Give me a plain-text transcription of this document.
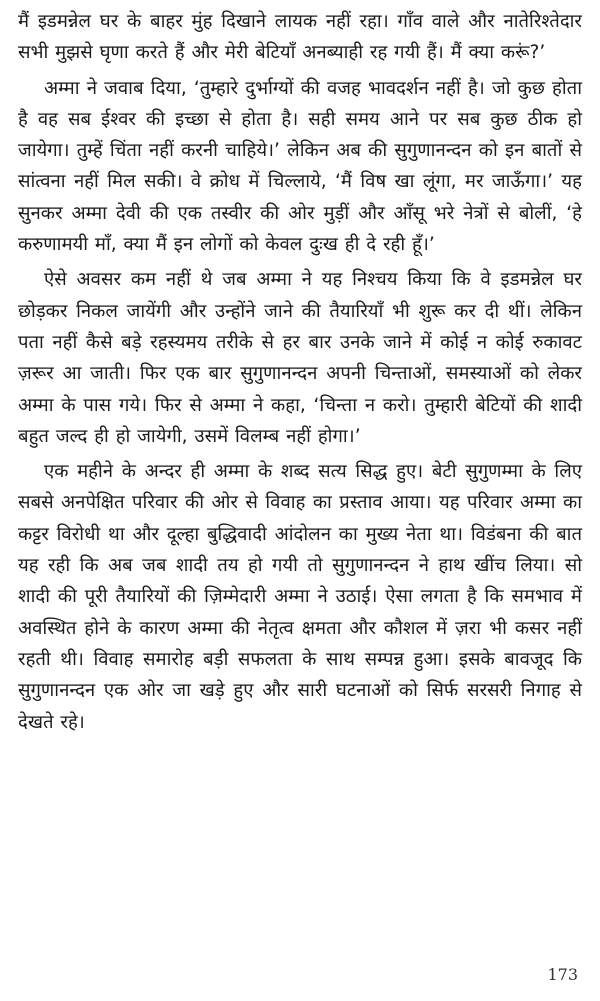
मैं इडमन्नेल घर के बाहर मुंह दिखाने लायक नहीं रहा। गाँव वाले और नातेरिश्तेदार सभी मुझसे घृणा करते हैं और मेरी बेटियाँ अनब्याही रह गयी हैं। मैं क्या करूं?’

अम्मा ने जवाब दिया, ‘तुम्हारे दुर्भाग्यों की वजह भावदर्शन नहीं है। जो कुछ होता है वह सब ईश्वर की इच्छा से होता है। सही समय आने पर सब कुछ ठीक हो जायेगा। तुम्हें चिंता नहीं करनी चाहिये।’ लेकिन अब की सुगुणानन्दन को इन बातों से सांत्वना नहीं मिल सकी। वे क्रोध में चिल्लाये, ‘मैं विष खा लूंगा, मर जाऊँगा।’ यह सुनकर अम्मा देवी की एक तस्वीर की ओर मुड़ीं और आँसू भरे नेत्रों से बोलीं, ‘हे करुणामयी माँ, क्या मैं इन लोगों को केवल दुःख ही दे रही हूँ।’

ऐसे अवसर कम नहीं थे जब अम्मा ने यह निश्चय किया कि वे इडमन्नेल घर छोड़कर निकल जायेंगी और उन्होंने जाने की तैयारियाँ भी शुरू कर दी थीं। लेकिन पता नहीं कैसे बड़े रहस्यमय तरीके से हर बार उनके जाने में कोई न कोई रुकावट ज़रूर आ जाती। फिर एक बार सुगुणानन्दन अपनी चिन्ताओं, समस्याओं को लेकर अम्मा के पास गये। फिर से अम्मा ने कहा, ‘चिन्ता न करो। तुम्हारी बेटियों की शादी बहुत जल्द ही हो जायेगी, उसमें विलम्ब नहीं होगा।’

एक महीने के अन्दर ही अम्मा के शब्द सत्य सिद्ध हुए। बेटी सुगुणम्मा के लिए सबसे अनपेक्षित परिवार की ओर से विवाह का प्रस्ताव आया। यह परिवार अम्मा का कट्टर विरोधी था और दूल्हा बुद्धिवादी आंदोलन का मुख्य नेता था। विडंबना की बात यह रही कि अब जब शादी तय हो गयी तो सुगुणानन्दन ने हाथ खींच लिया। सो शादी की पूरी तैयारियों की ज़िम्मेदारी अम्मा ने उठाई। ऐसा लगता है कि समभाव में अवस्थित होने के कारण अम्मा की नेतृत्व क्षमता और कौशल में ज़रा भी कसर नहीं रहती थी। विवाह समारोह बड़ी सफलता के साथ सम्पन्न हुआ। इसके बावजूद कि सुगुणानन्दन एक ओर जा खड़े हुए और सारी घटनाओं को सिर्फ सरसरी निगाह से देखते रहे।

173
